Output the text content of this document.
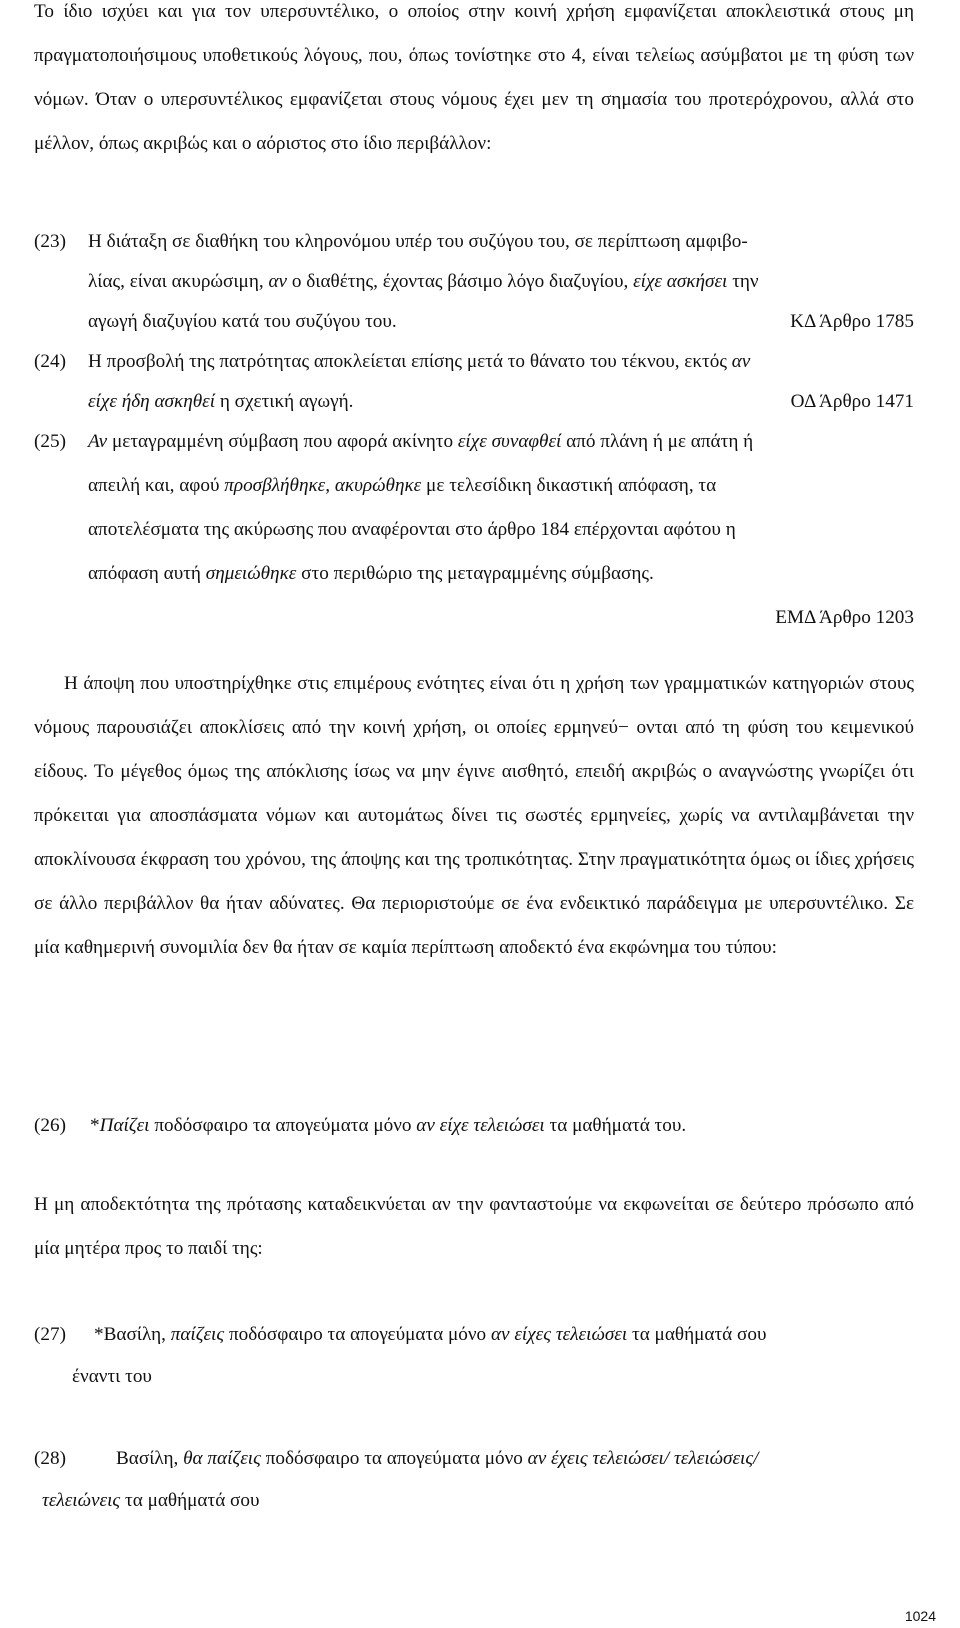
Το ίδιο ισχύει και για τον υπερσυντέλικο, ο οποίος στην κοινή χρήση εμφανίζεται αποκλειστικά στους μη πραγματοποιήσιμους υποθετικούς λόγους, που, όπως τονίστηκε στο 4, είναι τελείως ασύμβατοι με τη φύση των νόμων. Όταν ο υπερσυντέλικος εμφανίζεται στους νόμους έχει μεν τη σημασία του προτερόχρονου, αλλά στο μέλλον, όπως ακριβώς και ο αόριστος στο ίδιο περιβάλλον:

(23) Η διάταξη σε διαθήκη του κληρονόμου υπέρ του συζύγου του, σε περίπτωση αμφιβο-
λίας, είναι ακυρώσιμη, αν ο διαθέτης, έχοντας βάσιμο λόγο διαζυγίου, είχε ασκήσει την
αγωγή διαζυγίου κατά του συζύγου του.	ΚΔ Άρθρο 1785
(24) Η προσβολή της πατρότητας αποκλείεται επίσης μετά το θάνατο του τέκνου, εκτός αν
είχε ήδη ασκηθεί η σχετική αγωγή.	ΟΔ Άρθρο 1471
(25) Αν μεταγραμμένη σύμβαση που αφορά ακίνητο είχε συναφθεί από πλάνη ή με απάτη ή
απειλή και, αφού προσβλήθηκε, ακυρώθηκε με τελεσίδικη δικαστική απόφαση, τα
αποτελέσματα της ακύρωσης που αναφέρονται στο άρθρο 184 επέρχονται αφότου η
απόφαση αυτή σημειώθηκε στο περιθώριο της μεταγραμμένης σύμβασης.
ΕΜΔ Άρθρο 1203

Η άποψη που υποστηρίχθηκε στις επιμέρους ενότητες είναι ότι η χρήση των γραμματικών κατηγοριών στους νόμους παρουσιάζει αποκλίσεις από την κοινή χρήση, οι οποίες ερμηνεύ− ονται από τη φύση του κειμενικού είδους. Το μέγεθος όμως της απόκλισης ίσως να μην έγινε αισθητό, επειδή ακριβώς ο αναγνώστης γνωρίζει ότι πρόκειται για αποσπάσματα νόμων και αυτομάτως δίνει τις σωστές ερμηνείες, χωρίς να αντιλαμβάνεται την αποκλίνουσα έκφραση του χρόνου, της άποψης και της τροπικότητας. Στην πραγματικότητα όμως οι ίδιες χρήσεις σε άλλο περιβάλλον θα ήταν αδύνατες. Θα περιοριστούμε σε ένα ενδεικτικό παράδειγμα με υπερσυντέλικο. Σε μία καθημερινή συνομιλία δεν θα ήταν σε καμία περίπτωση αποδεκτό ένα εκφώνημα του τύπου:

(26) *Παίζει ποδόσφαιρο τα απογεύματα μόνο αν είχε τελειώσει τα μαθήματά του.

Η μη αποδεκτότητα της πρότασης καταδεικνύεται αν την φανταστούμε να εκφωνείται σε δεύτερο πρόσωπο από μία μητέρα προς το παιδί της:

(27)	*Βασίλη, παίζεις ποδόσφαιρο τα απογεύματα μόνο αν είχες τελειώσει τα μαθήματά σου
έναντι του
(28)	Βασίλη, θα παίζεις ποδόσφαιρο τα απογεύματα μόνο αν έχεις τελειώσει/ τελειώσεις/
τελειώνεις τα μαθήματά σου
1024
